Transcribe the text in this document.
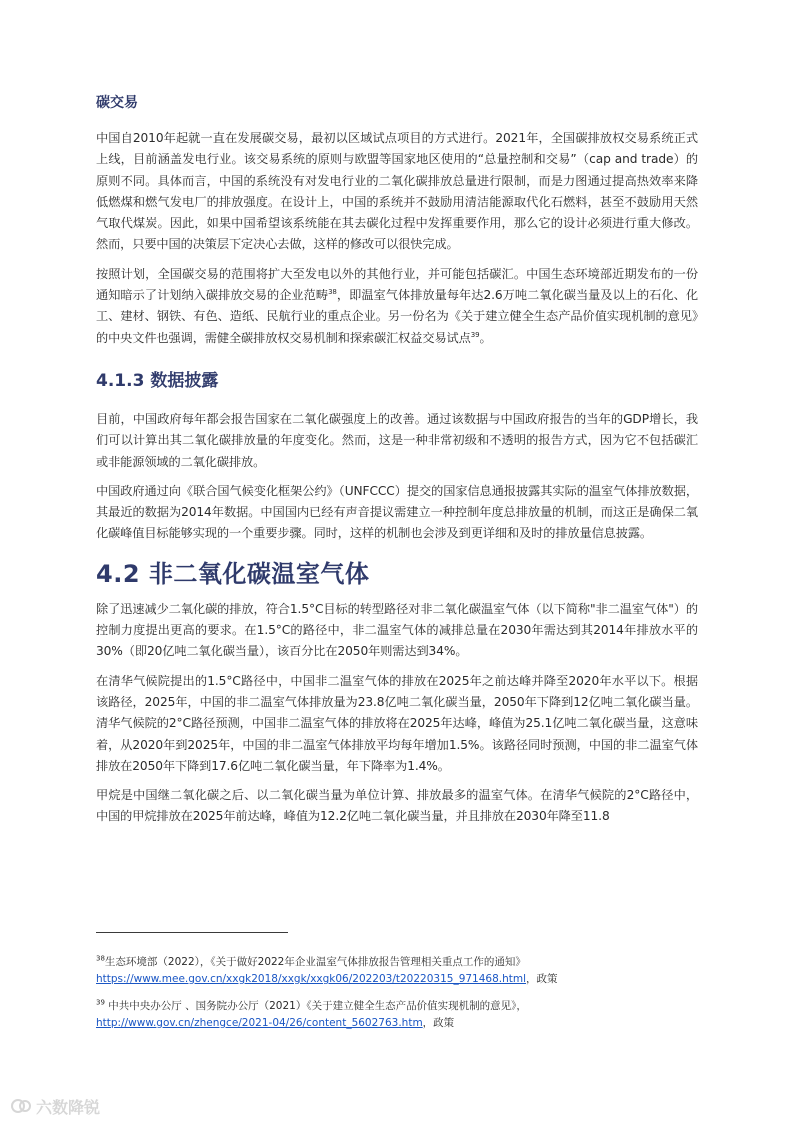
碳交易

中国自2010年起就一直在发展碳交易，最初以区域试点项目的方式进行。2021年，全国碳排放权交易系统正式上线，目前涵盖发电行业。该交易系统的原则与欧盟等国家地区使用的“总量控制和交易”（cap and trade）的原则不同。具体而言，中国的系统没有对发电行业的二氧化碳排放总量进行限制，而是力图通过提高热效率来降低燃煤和燃气发电厂的排放强度。在设计上，中国的系统并不鼓励用清洁能源取代化石燃料，甚至不鼓励用天然气取代煤炭。因此，如果中国希望该系统能在其去碳化过程中发挥重要作用，那么它的设计必须进行重大修改。然而，只要中国的决策层下定决心去做，这样的修改可以很快完成。

按照计划，全国碳交易的范围将扩大至发电以外的其他行业，并可能包括碳汇。中国生态环境部近期发布的一份通知暗示了计划纳入碳排放交易的企业范畴$^{38}$，即温室气体排放量每年达2.6万吨二氧化碳当量及以上的石化、化工、建材、钢铁、有色、造纸、民航行业的重点企业。另一份名为《关于建立健全生态产品价值实现机制的意见》的中央文件也强调，需健全碳排放权交易机制和探索碳汇权益交易试点$^{39}$。

4.1.3 数据披露

目前，中国政府每年都会报告国家在二氧化碳强度上的改善。通过该数据与中国政府报告的当年的GDP增长，我们可以计算出其二氧化碳排放量的年度变化。然而，这是一种非常初级和不透明的报告方式，因为它不包括碳汇或非能源领域的二氧化碳排放。

中国政府通过向《联合国气候变化框架公约》（UNFCCC）提交的国家信息通报披露其实际的温室气体排放数据，其最近的数据为2014年数据。中国国内已经有声音提议需建立一种控制年度总排放量的机制，而这正是确保二氧化碳峰值目标能够实现的一个重要步骤。同时，这样的机制也会涉及到更详细和及时的排放量信息披露。

4.2 非二氧化碳温室气体

除了迅速减少二氧化碳的排放，符合1.5°C目标的转型路径对非二氧化碳温室气体（以下简称"非二温室气体"）的控制力度提出更高的要求。在1.5°C的路径中，非二温室气体的减排总量在2030年需达到其2014年排放水平的30%（即20亿吨二氧化碳当量），该百分比在2050年则需达到34%。

在清华气候院提出的1.5°C路径中，中国非二温室气体的排放在2025年之前达峰并降至2020年水平以下。根据该路径，2025年，中国的非二温室气体排放量为23.8亿吨二氧化碳当量，2050年下降到12亿吨二氧化碳当量。清华气候院的2°C路径预测，中国非二温室气体的排放将在2025年达峰，峰值为25.1亿吨二氧化碳当量，这意味着，从2020年到2025年，中国的非二温室气体排放平均每年增加1.5%。该路径同时预测，中国的非二温室气体排放在2050年下降到17.6亿吨二氧化碳当量，年下降率为1.4%。

甲烷是中国继二氧化碳之后、以二氧化碳当量为单位计算、排放最多的温室气体。在清华气候院的2°C路径中，中国的甲烷排放在2025年前达峰，峰值为12.2亿吨二氧化碳当量，并且排放在2030年降至11.8

$^{38}$生态环境部（2022），《关于做好2022年企业温室气体排放报告管理相关重点工作的通知》
https://www.mee.gov.cn/xxgk2018/xxgk/xxgk06/202203/t20220315_971468.html，政策
$^{39}$ 中共中央办公厅 、国务院办公厅（2021）《关于建立健全生态产品价值实现机制的意见》，
http://www.gov.cn/zhengce/2021-04/26/content_5602763.htm，政策
六数降锐
